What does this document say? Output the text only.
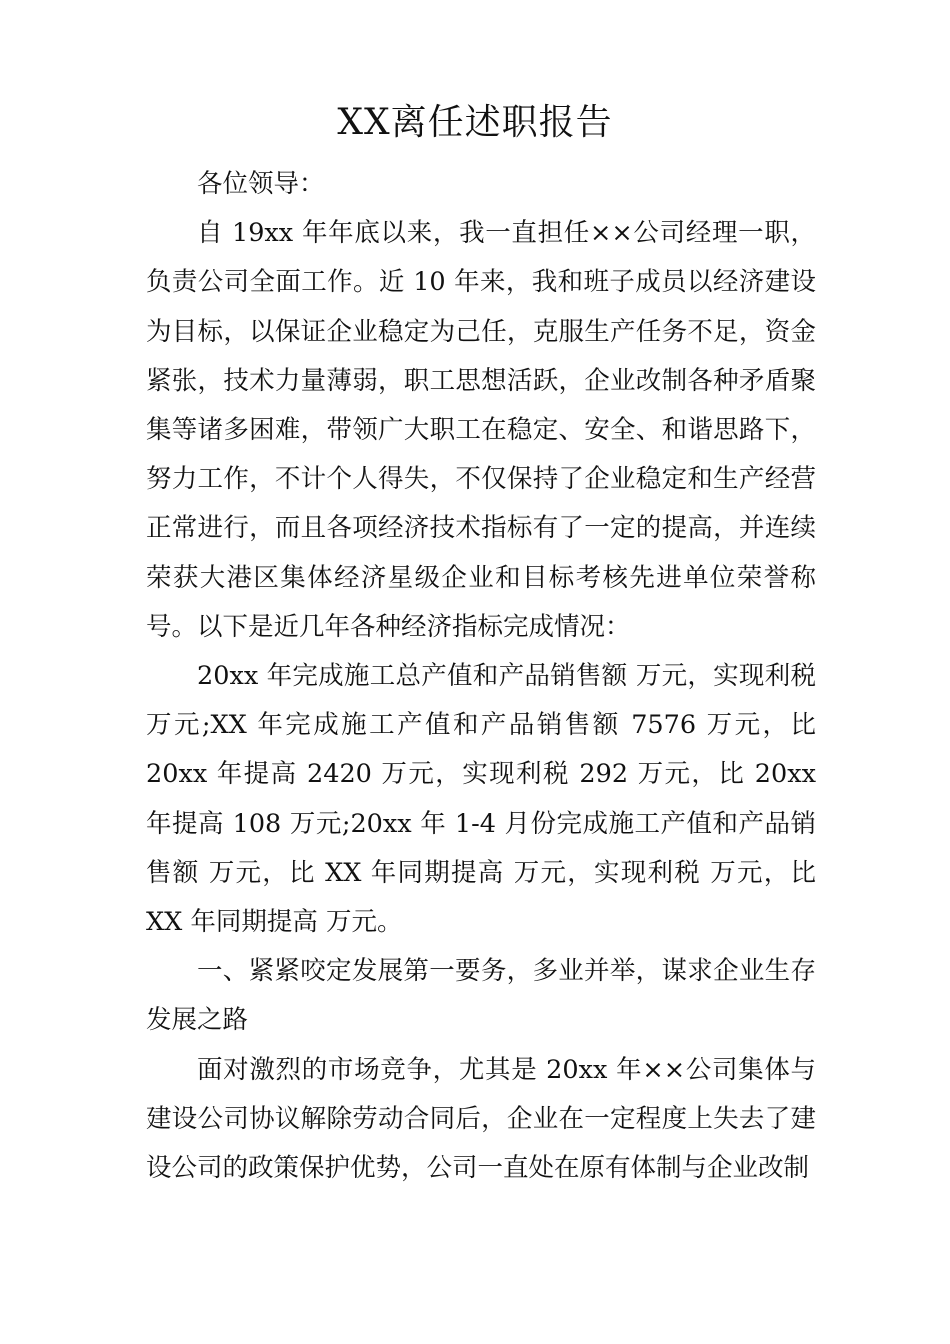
XX离任述职报告

各位领导：

自 19xx 年年底以来，我一直担任××公司经理一职，负责公司全面工作。近 10 年来，我和班子成员以经济建设为目标，以保证企业稳定为己任，克服生产任务不足，资金紧张，技术力量薄弱，职工思想活跃，企业改制各种矛盾聚集等诸多困难，带领广大职工在稳定、安全、和谐思路下，努力工作，不计个人得失，不仅保持了企业稳定和生产经营正常进行，而且各项经济技术指标有了一定的提高，并连续荣获大港区集体经济星级企业和目标考核先进单位荣誉称号。以下是近几年各种经济指标完成情况：

20xx 年完成施工总产值和产品销售额 万元，实现利税 万元;XX 年完成施工产值和产品销售额 7576 万元，比 20xx 年提高 2420 万元，实现利税 292 万元，比 20xx 年提高 108 万元;20xx 年 1-4 月份完成施工产值和产品销售额 万元，比 XX 年同期提高 万元，实现利税 万元，比 XX 年同期提高 万元。

一、紧紧咬定发展第一要务，多业并举，谋求企业生存发展之路

面对激烈的市场竞争，尤其是 20xx 年××公司集体与建设公司协议解除劳动合同后，企业在一定程度上失去了建设公司的政策保护优势，公司一直处在原有体制与企业改制
